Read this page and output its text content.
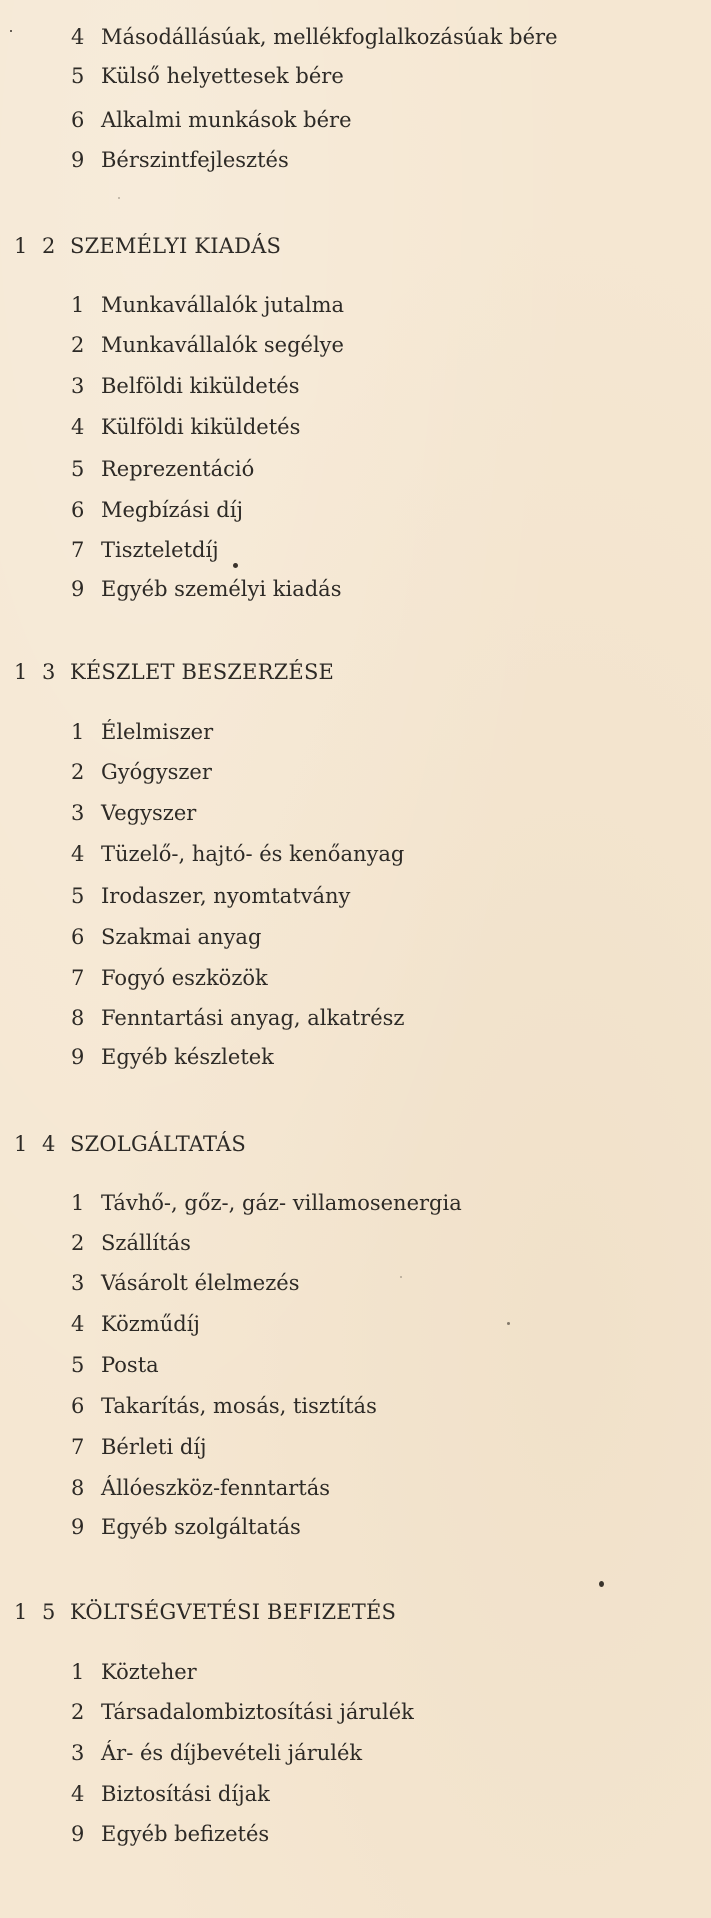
4 Másodállásúak, mellékfoglalkozásúak bére
5 Külső helyettesek bére
6 Alkalmi munkások bére
9 Bérszintfejlesztés
1 2 SZEMÉLYI KIADÁS
1 Munkavállalók jutalma
2 Munkavállalók segélye
3 Belföldi kiküldetés
4 Külföldi kiküldetés
5 Reprezentáció
6 Megbízási díj
7 Tiszteletdíj
9 Egyéb személyi kiadás
1 3 KÉSZLET BESZERZÉSE
1 Élelmiszer
2 Gyógyszer
3 Vegyszer
4 Tüzelő-, hajtó- és kenőanyag
5 Irodaszer, nyomtatvány
6 Szakmai anyag
7 Fogyó eszközök
8 Fenntartási anyag, alkatrész
9 Egyéb készletek
1 4 SZOLGÁLTATÁS
1 Távhő-, gőz-, gáz- villamosenergia
2 Szállítás
3 Vásárolt élelmezés
4 Közműdíj
5 Posta
6 Takarítás, mosás, tisztítás
7 Bérleti díj
8 Állóeszköz-fenntartás
9 Egyéb szolgáltatás
1 5 KÖLTSÉGVETÉSI BEFIZETÉS
1 Közteher
2 Társadalombiztosítási járulék
3 Ár- és díjbevételi járulék
4 Biztosítási díjak
9 Egyéb befizetés
